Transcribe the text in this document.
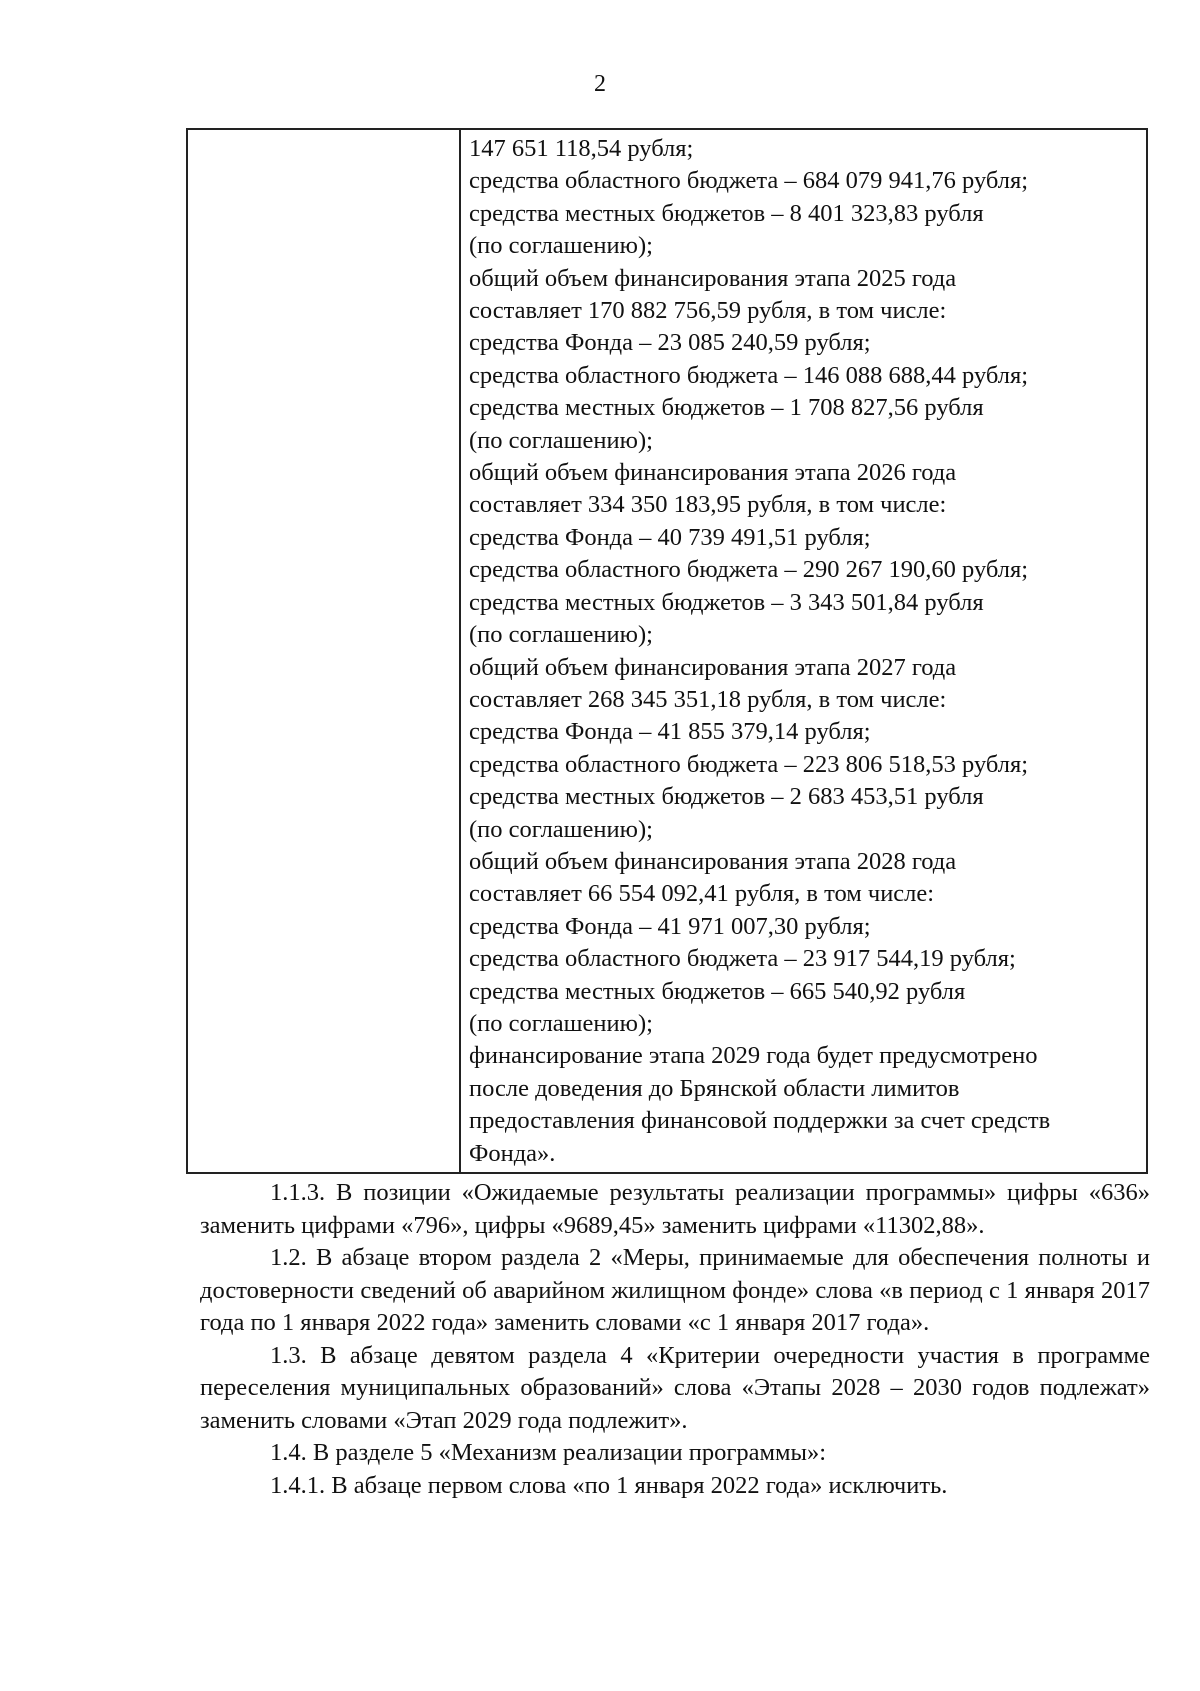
2
147 651 118,54 рубля;
средства областного бюджета – 684 079 941,76 рубля;
средства местных бюджетов – 8 401 323,83 рубля
(по соглашению);
общий объем финансирования этапа 2025 года
составляет 170 882 756,59 рубля, в том числе:
средства Фонда – 23 085 240,59 рубля;
средства областного бюджета – 146 088 688,44 рубля;
средства местных бюджетов – 1 708 827,56 рубля
(по соглашению);
общий объем финансирования этапа 2026 года
составляет 334 350 183,95 рубля, в том числе:
средства Фонда – 40 739 491,51 рубля;
средства областного бюджета – 290 267 190,60 рубля;
средства местных бюджетов – 3 343 501,84 рубля
(по соглашению);
общий объем финансирования этапа 2027 года
составляет 268 345 351,18 рубля, в том числе:
средства Фонда – 41 855 379,14 рубля;
средства областного бюджета – 223 806 518,53 рубля;
средства местных бюджетов – 2 683 453,51 рубля
(по соглашению);
общий объем финансирования этапа 2028 года
составляет 66 554 092,41 рубля, в том числе:
средства Фонда – 41 971 007,30 рубля;
средства областного бюджета – 23 917 544,19 рубля;
средства местных бюджетов – 665 540,92 рубля
(по соглашению);
финансирование этапа 2029 года будет предусмотрено
после доведения до Брянской области лимитов
предоставления финансовой поддержки за счет средств
Фонда».

1.1.3. В позиции «Ожидаемые результаты реализации программы» цифры «636» заменить цифрами «796», цифры «9689,45» заменить цифрами «11302,88».

1.2. В абзаце втором раздела 2 «Меры, принимаемые для обеспечения полноты и достоверности сведений об аварийном жилищном фонде» слова «в период с 1 января 2017 года по 1 января 2022 года» заменить словами «с 1 января 2017 года».

1.3. В абзаце девятом раздела 4 «Критерии очередности участия в программе переселения муниципальных образований» слова «Этапы 2028 – 2030 годов подлежат» заменить словами «Этап 2029 года подлежит».

1.4. В разделе 5 «Механизм реализации программы»:

1.4.1. В абзаце первом слова «по 1 января 2022 года» исключить.
